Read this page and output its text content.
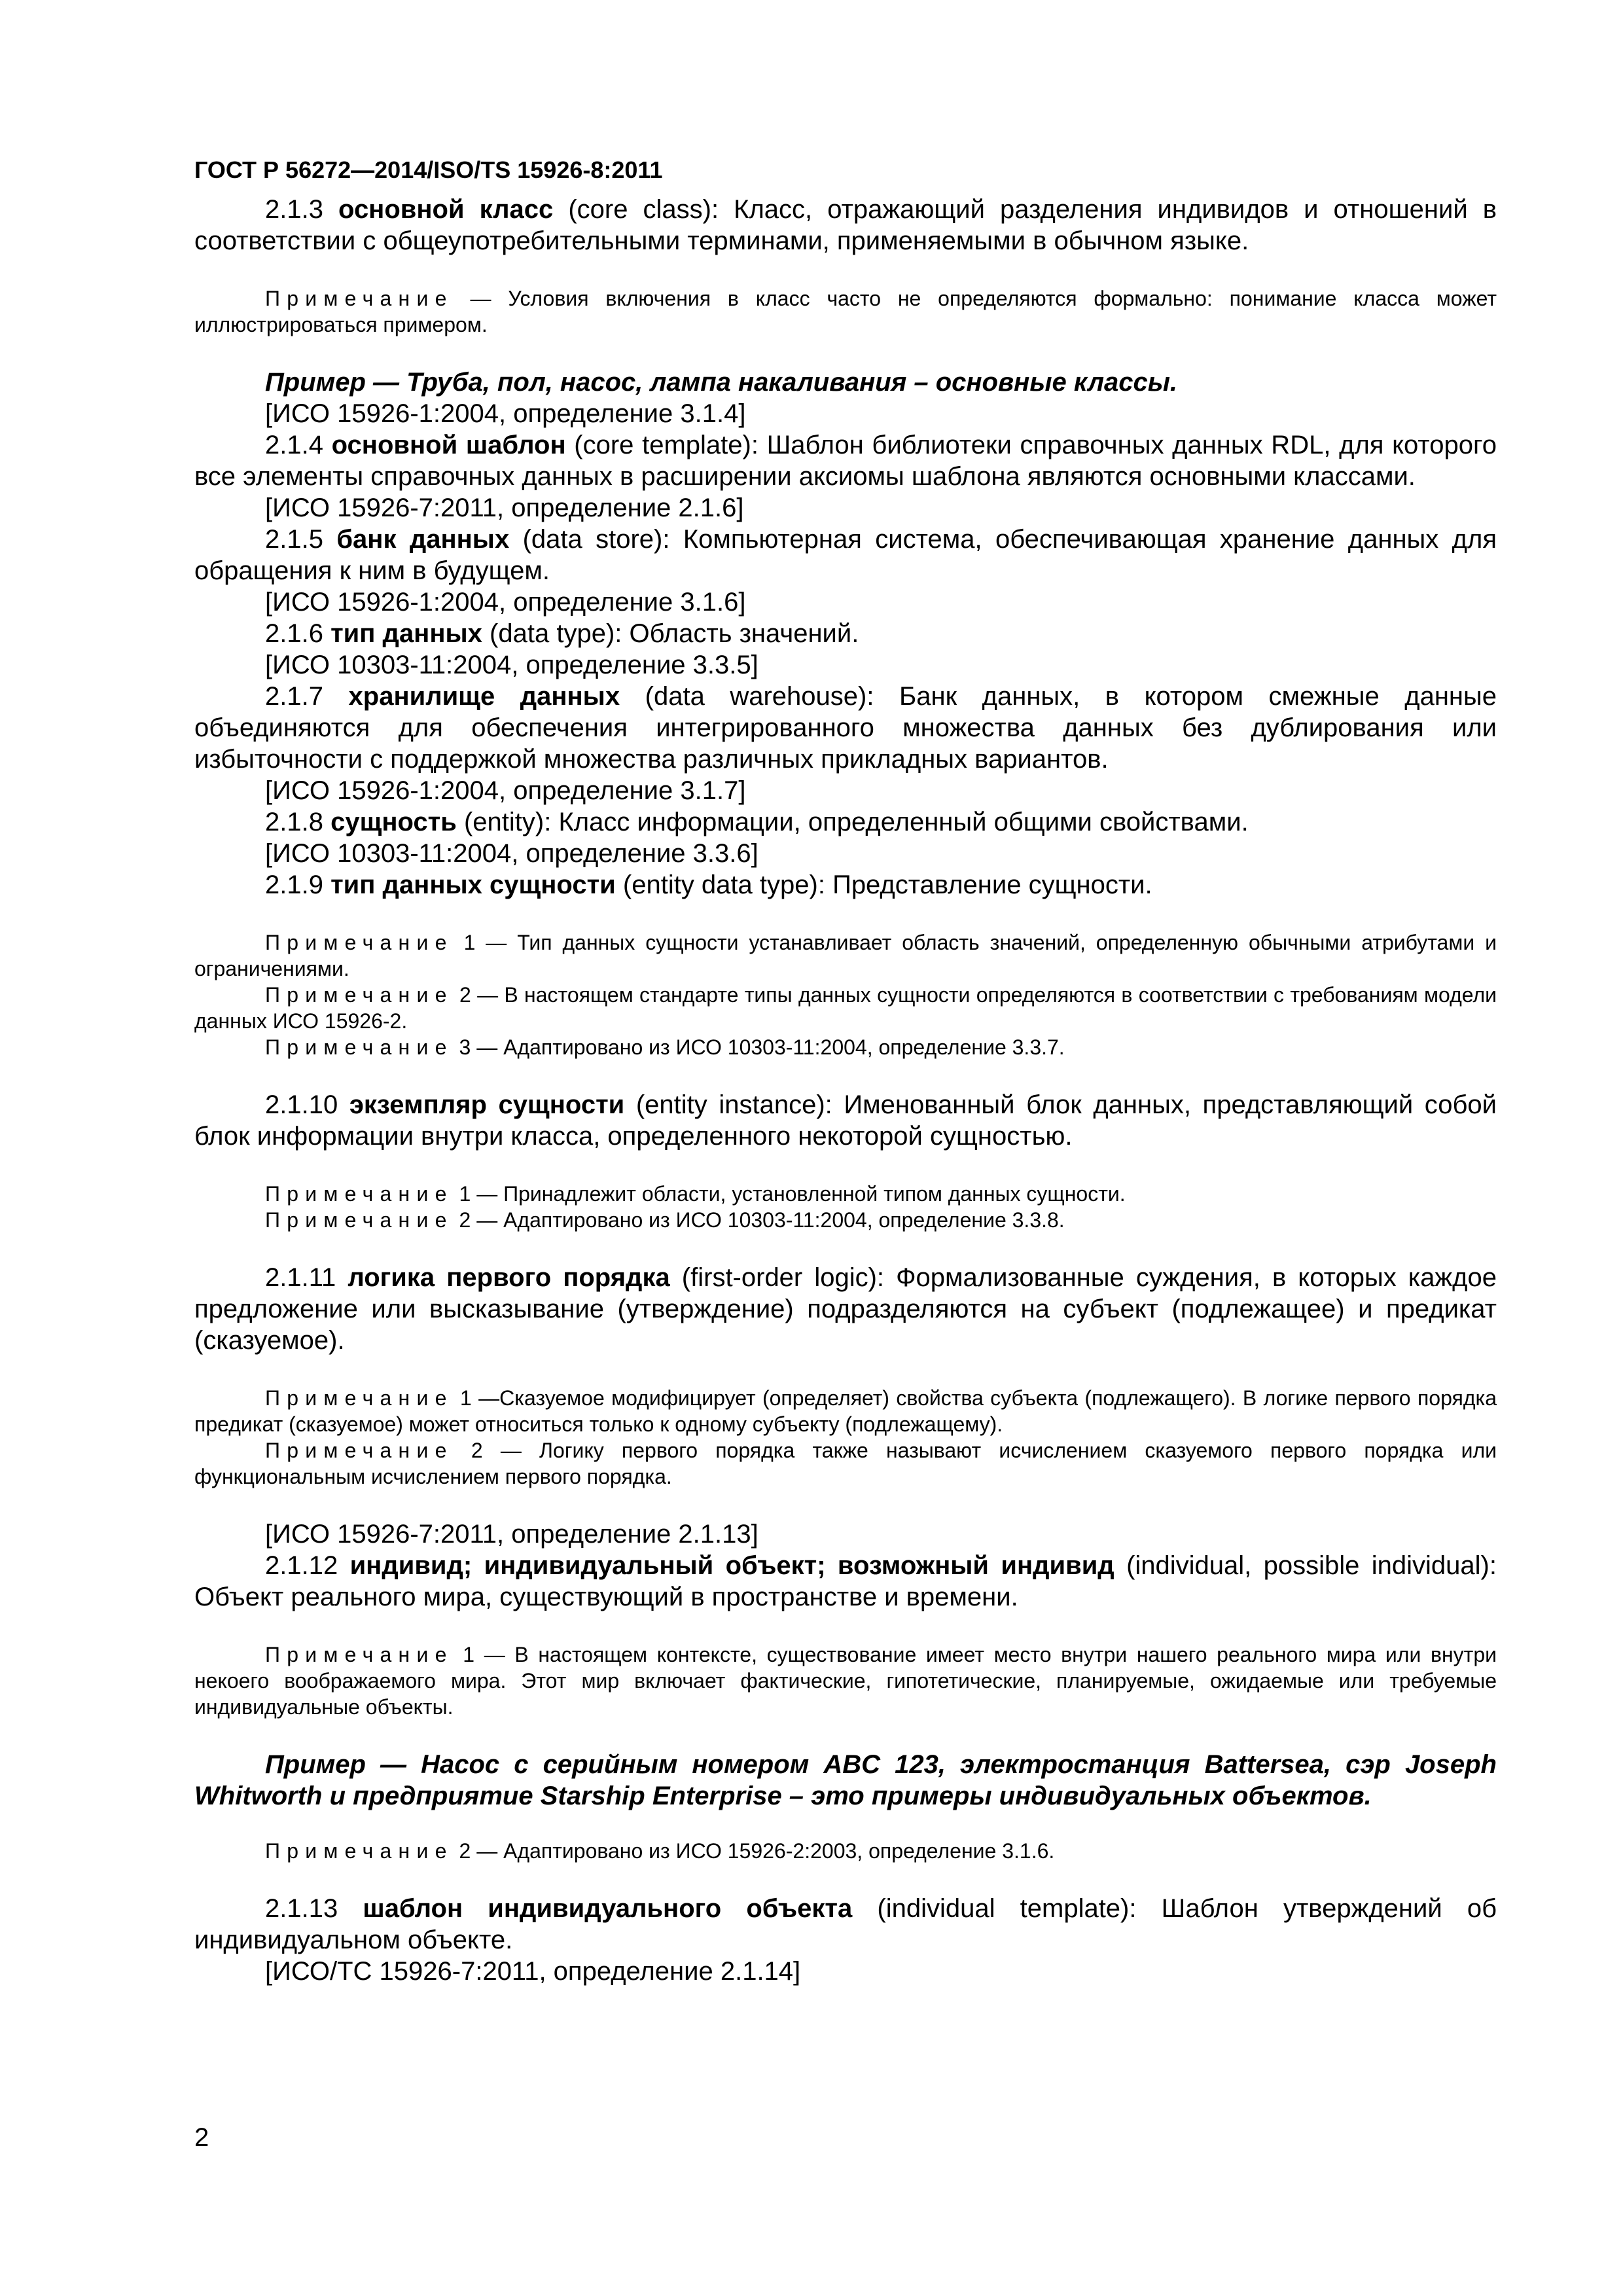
ГОСТ Р 56272—2014/ISO/TS 15926-8:2011

2.1.3 основной класс (core class): Класс, отражающий разделения индивидов и отношений в соответствии с общеупотребительными терминами, применяемыми в обычном языке.

Примечание — Условия включения в класс часто не определяются формально: понимание класса может иллюстрироваться примером.

Пример — Труба, пол, насос, лампа накаливания – основные классы.

[ИСО 15926-1:2004, определение 3.1.4]

2.1.4 основной шаблон (core template): Шаблон библиотеки справочных данных RDL, для которого все элементы справочных данных в расширении аксиомы шаблона являются основными классами.

[ИСО 15926-7:2011, определение 2.1.6]

2.1.5 банк данных (data store): Компьютерная система, обеспечивающая хранение данных для обращения к ним в будущем.

[ИСО 15926-1:2004, определение 3.1.6]

2.1.6 тип данных (data type): Область значений.

[ИСО 10303-11:2004, определение 3.3.5]

2.1.7 хранилище данных (data warehouse): Банк данных, в котором смежные данные объединяются для обеспечения интегрированного множества данных без дублирования или избыточности с поддержкой множества различных прикладных вариантов.

[ИСО 15926-1:2004, определение 3.1.7]

2.1.8 сущность (entity): Класс информации, определенный общими свойствами.

[ИСО 10303-11:2004, определение 3.3.6]

2.1.9 тип данных сущности (entity data type): Представление сущности.

Примечание 1 — Тип данных сущности устанавливает область значений, определенную обычными атрибутами и ограничениями.

Примечание 2 — В настоящем стандарте типы данных сущности определяются в соответствии с требованиям модели данных ИСО 15926-2.

Примечание 3 — Адаптировано из ИСО 10303-11:2004, определение 3.3.7.

2.1.10 экземпляр сущности (entity instance): Именованный блок данных, представляющий собой блок информации внутри класса, определенного некоторой сущностью.

Примечание 1 — Принадлежит области, установленной типом данных сущности.

Примечание 2 — Адаптировано из ИСО 10303-11:2004, определение 3.3.8.

2.1.11 логика первого порядка (first-order logic): Формализованные суждения, в которых каждое предложение или высказывание (утверждение) подразделяются на субъект (подлежащее) и предикат (сказуемое).

Примечание 1 —Сказуемое модифицирует (определяет) свойства субъекта (подлежащего). В логике первого порядка предикат (сказуемое) может относиться только к одному субъекту (подлежащему).

Примечание 2 — Логику первого порядка также называют исчислением сказуемого первого порядка или функциональным исчислением первого порядка.

[ИСО 15926-7:2011, определение 2.1.13]

2.1.12 индивид; индивидуальный объект; возможный индивид (individual, possible individual): Объект реального мира, существующий в пространстве и времени.

Примечание 1 — В настоящем контексте, существование имеет место внутри нашего реального мира или внутри некоего воображаемого мира. Этот мир включает фактические, гипотетические, планируемые, ожидаемые или требуемые индивидуальные объекты.

Пример — Насос с серийным номером ABC 123, электростанция Battersea, сэр Joseph Whitworth и предприятие Starship Enterprise – это примеры индивидуальных объектов.

Примечание 2 — Адаптировано из ИСО 15926-2:2003, определение 3.1.6.

2.1.13 шаблон индивидуального объекта (individual template): Шаблон утверждений об индивидуальном объекте.

[ИСО/ТС 15926-7:2011, определение 2.1.14]

2
